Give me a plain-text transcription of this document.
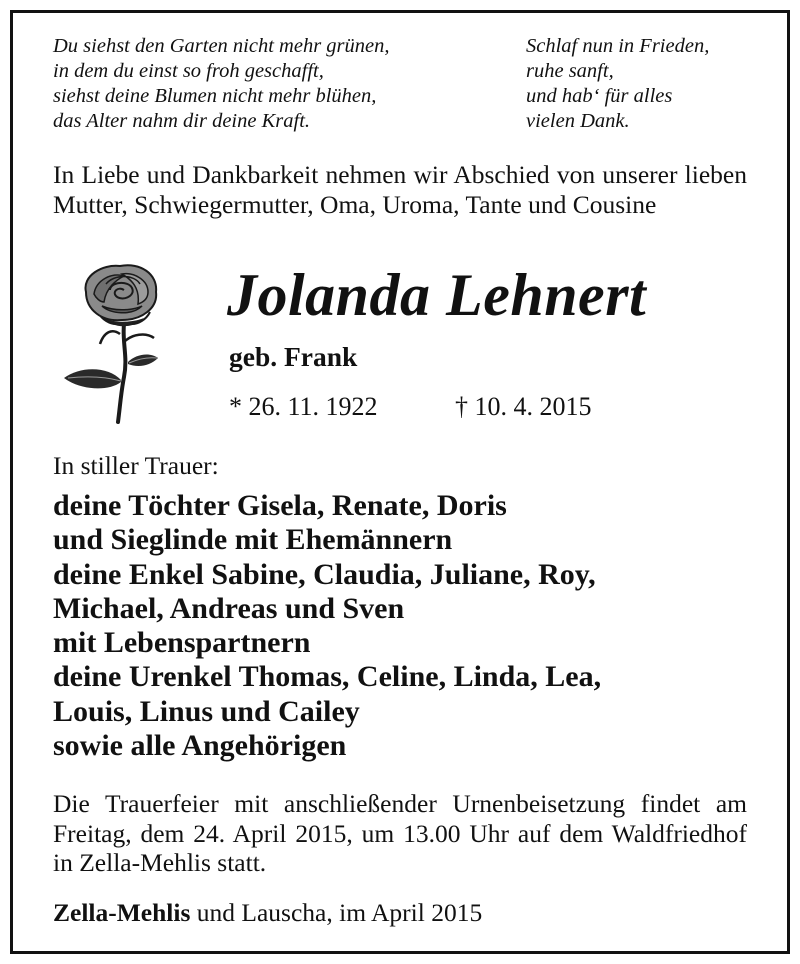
Du siehst den Garten nicht mehr grünen,
in dem du einst so froh geschafft,
siehst deine Blumen nicht mehr blühen,
das Alter nahm dir deine Kraft.
Schlaf nun in Frieden,
ruhe sanft,
und hab‘ für alles
vielen Dank.
In Liebe und Dankbarkeit nehmen wir Abschied von unserer lieben Mutter, Schwiegermutter, Oma, Uroma, Tante und Cousine
Jolanda Lehnert
geb. Frank
* 26. 11. 1922	† 10. 4. 2015
In stiller Trauer:
deine Töchter Gisela, Renate, Doris
und Sieglinde mit Ehemännern
deine Enkel Sabine, Claudia, Juliane, Roy,
Michael, Andreas und Sven
mit Lebenspartnern
deine Urenkel Thomas, Celine, Linda, Lea,
Louis, Linus und Cailey
sowie alle Angehörigen
Die Trauerfeier mit anschließender Urnenbeisetzung findet am Freitag, dem 24. April 2015, um 13.00 Uhr auf dem Waldfriedhof in Zella-Mehlis statt.
Zella-Mehlis und Lauscha, im April 2015
